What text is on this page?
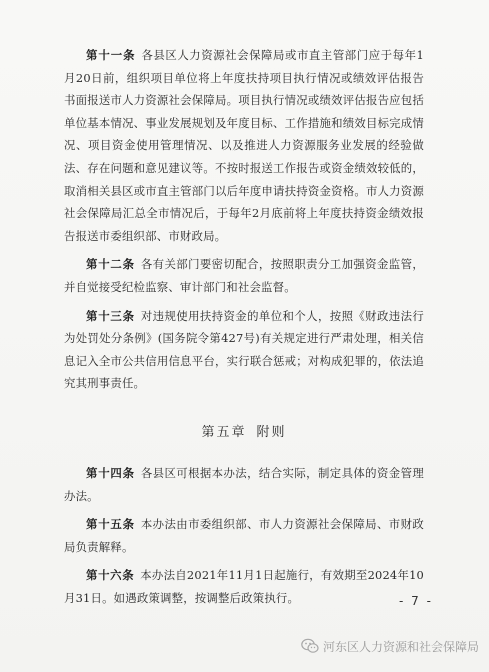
第十一条 各县区人力资源社会保障局或市直主管部门应于每年1月20日前，组织项目单位将上年度扶持项目执行情况或绩效评估报告书面报送市人力资源社会保障局。项目执行情况或绩效评估报告应包括单位基本情况、事业发展规划及年度目标、工作措施和绩效目标完成情况、项目资金使用管理情况、以及推进人力资源服务业发展的经验做法、存在问题和意见建议等。不按时报送工作报告或资金绩效较低的，取消相关县区或市直主管部门以后年度申请扶持资金资格。市人力资源社会保障局汇总全市情况后，于每年2月底前将上年度扶持资金绩效报告报送市委组织部、市财政局。

第十二条 各有关部门要密切配合，按照职责分工加强资金监管，并自觉接受纪检监察、审计部门和社会监督。

第十三条 对违规使用扶持资金的单位和个人，按照《财政违法行为处罚处分条例》(国务院令第427号)有关规定进行严肃处理，相关信息记入全市公共信用信息平台，实行联合惩戒；对构成犯罪的，依法追究其刑事责任。

第五章 附则

第十四条 各县区可根据本办法，结合实际，制定具体的资金管理办法。

第十五条 本办法由市委组织部、市人力资源社会保障局、市财政局负责解释。

第十六条 本办法自2021年11月1日起施行，有效期至2024年10月31日。如遇政策调整，按调整后政策执行。	- 7 -
河东区人力资源和社会保障局
